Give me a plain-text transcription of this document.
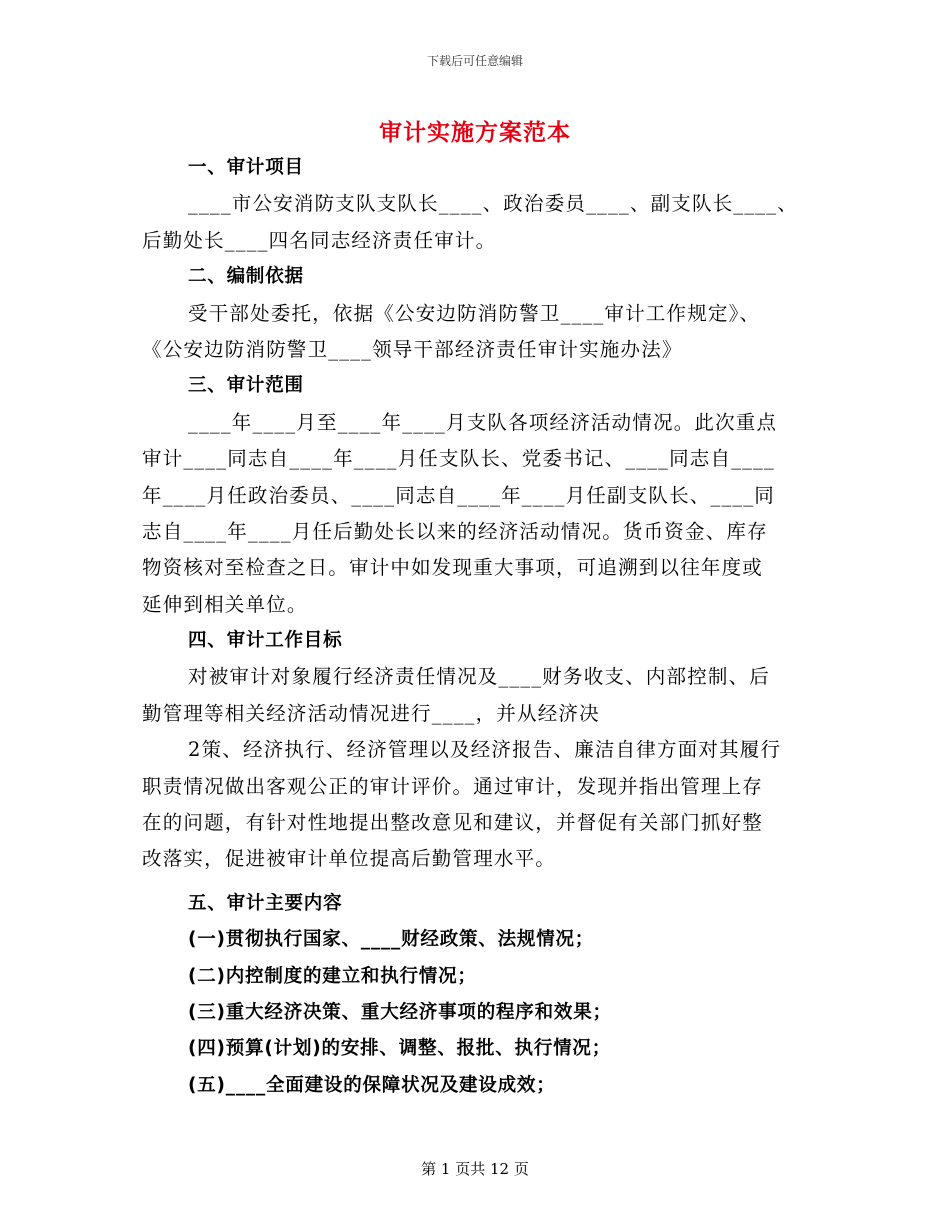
下载后可任意编辑
审计实施方案范本
一、审计项目
____市公安消防支队支队长____、政治委员____、副支队长____、
后勤处长____四名同志经济责任审计。
二、编制依据
受干部处委托，依据《公安边防消防警卫____审计工作规定》、
《公安边防消防警卫____领导干部经济责任审计实施办法》
三、审计范围
____年____月至____年____月支队各项经济活动情况。此次重点
审计____同志自____年____月任支队长、党委书记、____同志自____
年____月任政治委员、____同志自____年____月任副支队长、____同
志自____年____月任后勤处长以来的经济活动情况。货币资金、库存
物资核对至检查之日。审计中如发现重大事项，可追溯到以往年度或
延伸到相关单位。
四、审计工作目标
对被审计对象履行经济责任情况及____财务收支、内部控制、后
勤管理等相关经济活动情况进行____，并从经济决
2策、经济执行、经济管理以及经济报告、廉洁自律方面对其履行
职责情况做出客观公正的审计评价。通过审计，发现并指出管理上存
在的问题，有针对性地提出整改意见和建议，并督促有关部门抓好整
改落实，促进被审计单位提高后勤管理水平。
五、审计主要内容
(一)贯彻执行国家、____财经政策、法规情况；
(二)内控制度的建立和执行情况；
(三)重大经济决策、重大经济事项的程序和效果；
(四)预算(计划)的安排、调整、报批、执行情况；
(五)____全面建设的保障状况及建设成效；
第 1 页共 12 页
